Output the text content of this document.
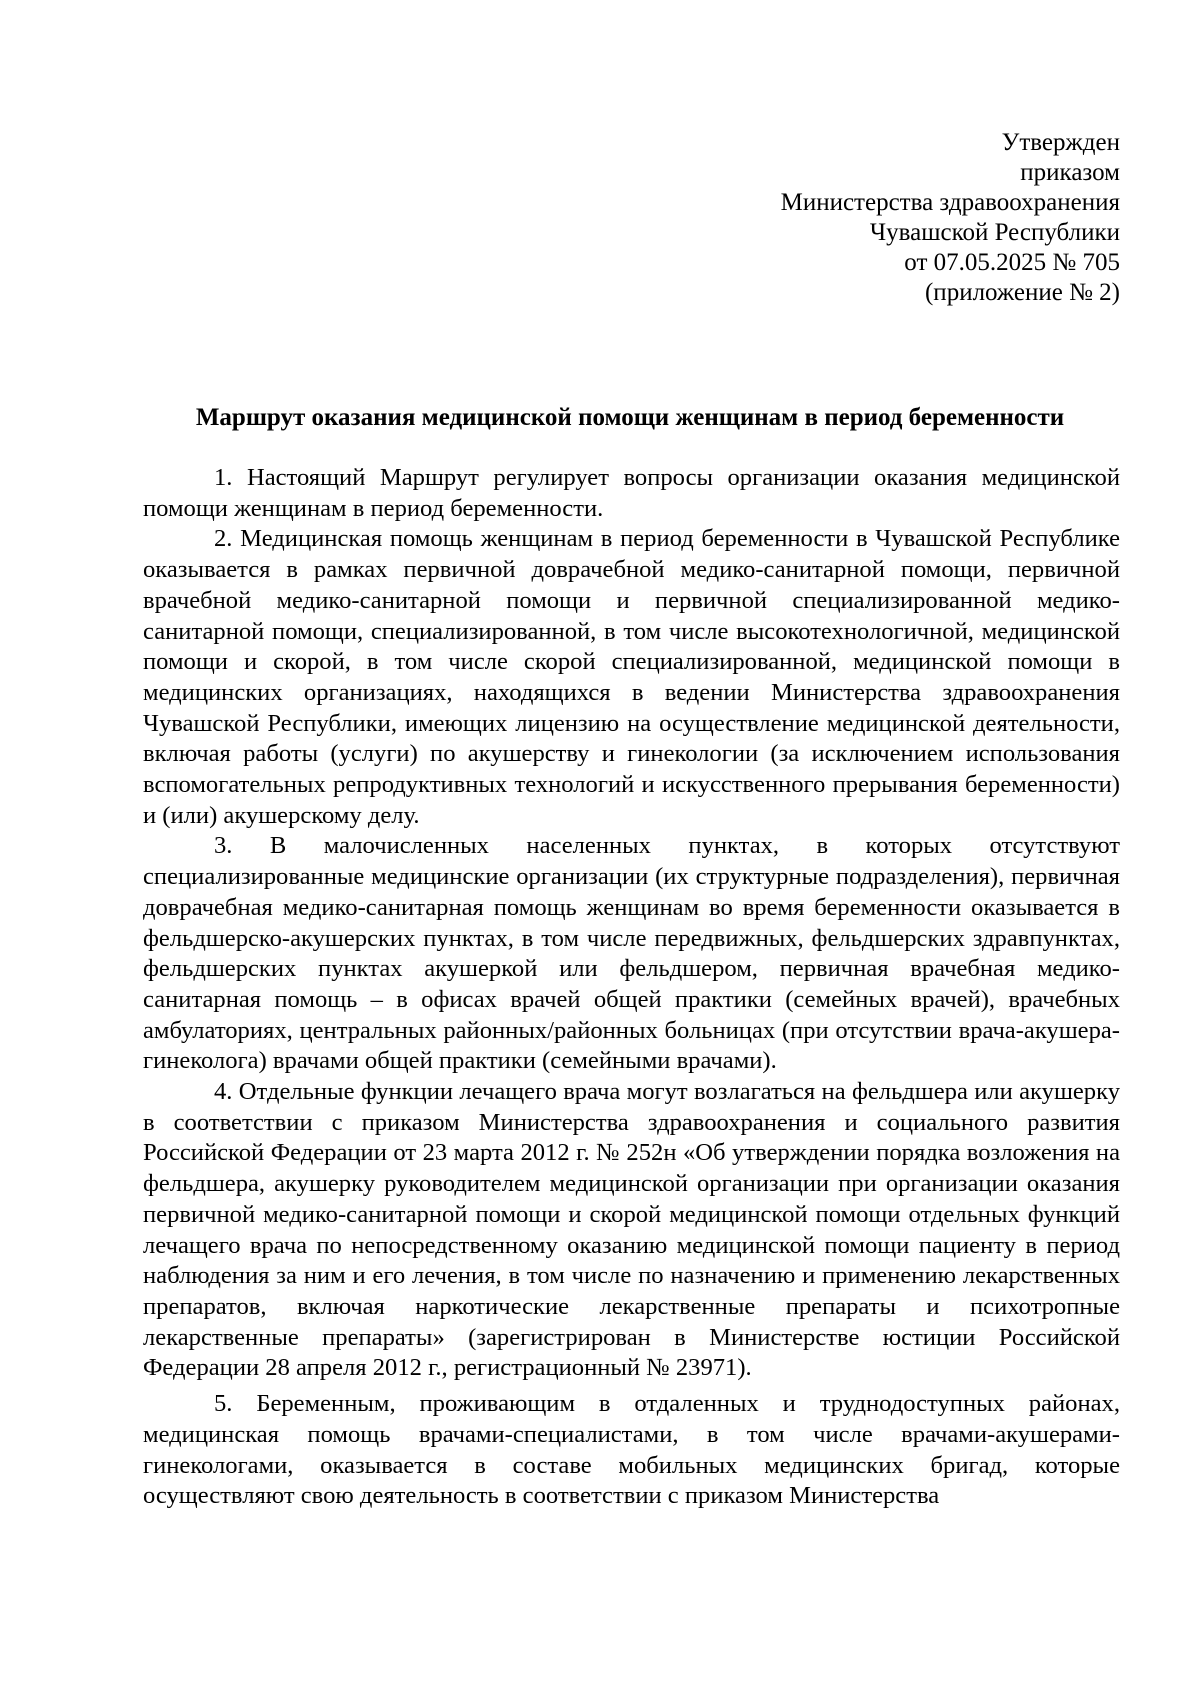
Утвержден
приказом
Министерства здравоохранения
Чувашской Республики
от 07.05.2025 № 705
(приложение № 2)
Маршрут оказания медицинской помощи женщинам в период беременности

1. Настоящий Маршрут регулирует вопросы организации оказания медицинской помощи женщинам в период беременности.

2. Медицинская помощь женщинам в период беременности в Чувашской Республике оказывается в рамках первичной доврачебной медико-санитарной помощи, первичной врачебной медико-санитарной помощи и первичной специализированной медико-санитарной помощи, специализированной, в том числе высокотехнологичной, медицинской помощи и скорой, в том числе скорой специализированной, медицинской помощи в медицинских организациях, находящихся в ведении Министерства здравоохранения Чувашской Республики, имеющих лицензию на осуществление медицинской деятельности, включая работы (услуги) по акушерству и гинекологии (за исключением использования вспомогательных репродуктивных технологий и искусственного прерывания беременности) и (или) акушерскому делу.

3. В малочисленных населенных пунктах, в которых отсутствуют специализированные медицинские организации (их структурные подразделения), первичная доврачебная медико-санитарная помощь женщинам во время беременности оказывается в фельдшерско-акушерских пунктах, в том числе передвижных, фельдшерских здравпунктах, фельдшерских пунктах акушеркой или фельдшером, первичная врачебная медико-санитарная помощь – в офисах врачей общей практики (семейных врачей), врачебных амбулаториях, центральных районных/районных больницах (при отсутствии врача-акушера-гинеколога) врачами общей практики (семейными врачами).

4. Отдельные функции лечащего врача могут возлагаться на фельдшера или акушерку в соответствии с приказом Министерства здравоохранения и социального развития Российской Федерации от 23 марта 2012 г. № 252н «Об утверждении порядка возложения на фельдшера, акушерку руководителем медицинской организации при организации оказания первичной медико-санитарной помощи и скорой медицинской помощи отдельных функций лечащего врача по непосредственному оказанию медицинской помощи пациенту в период наблюдения за ним и его лечения, в том числе по назначению и применению лекарственных препаратов, включая наркотические лекарственные препараты и психотропные лекарственные препараты» (зарегистрирован в Министерстве юстиции Российской Федерации 28 апреля 2012 г., регистрационный № 23971).

5. Беременным, проживающим в отдаленных и труднодоступных районах, медицинская помощь врачами-специалистами, в том числе врачами-акушерами-гинекологами, оказывается в составе мобильных медицинских бригад, которые осуществляют свою деятельность в соответствии с приказом Министерства
